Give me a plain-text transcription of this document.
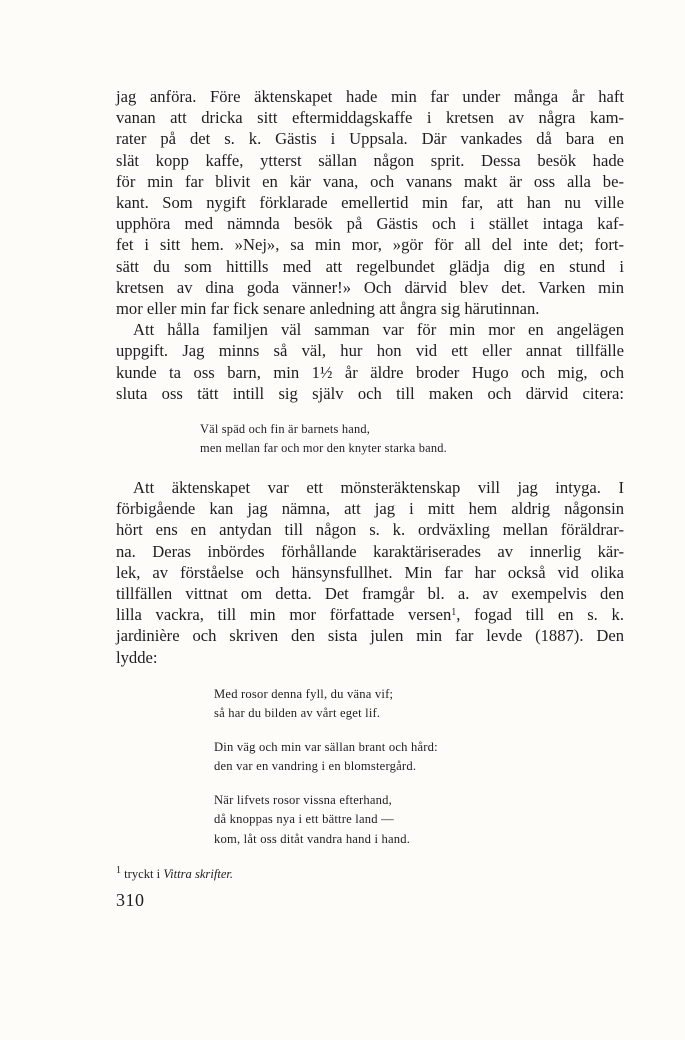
jag anföra. Före äktenskapet hade min far under många år haft

vanan att dricka sitt eftermiddagskaffe i kretsen av några kam-

rater på det s. k. Gästis i Uppsala. Där vankades då bara en

slät kopp kaffe, ytterst sällan någon sprit. Dessa besök hade

för min far blivit en kär vana, och vanans makt är oss alla be-

kant. Som nygift förklarade emellertid min far, att han nu ville

upphöra med nämnda besök på Gästis och i stället intaga kaf-

fet i sitt hem. »Nej», sa min mor, »gör för all del inte det; fort-

sätt du som hittills med att regelbundet glädja dig en stund i

kretsen av dina goda vänner!» Och därvid blev det. Varken min

mor eller min far fick senare anledning att ångra sig härutinnan.

Att hålla familjen väl samman var för min mor en angelägen

uppgift. Jag minns så väl, hur hon vid ett eller annat tillfälle

kunde ta oss barn, min 1½ år äldre broder Hugo och mig, och

sluta oss tätt intill sig själv och till maken och därvid citera:

Väl späd och fin är barnets hand,
men mellan far och mor den knyter starka band.

Att äktenskapet var ett mönsteräktenskap vill jag intyga. I

förbigående kan jag nämna, att jag i mitt hem aldrig någonsin

hört ens en antydan till någon s. k. ordväxling mellan föräldrar-

na. Deras inbördes förhållande karaktäriserades av innerlig kär-

lek, av förståelse och hänsynsfullhet. Min far har också vid olika

tillfällen vittnat om detta. Det framgår bl. a. av exempelvis den

lilla vackra, till min mor författade versen$^1$, fogad till en s. k.

jardinière och skriven den sista julen min far levde (1887). Den

lydde:

Med rosor denna fyll, du väna vif;
så har du bilden av vårt eget lif.
Din väg och min var sällan brant och hård:
den var en vandring i en blomstergård.
När lifvets rosor vissna efterhand,
då knoppas nya i ett bättre land —
kom, låt oss ditåt vandra hand i hand.
$^1$ tryckt i Vittra skrifter.
310
